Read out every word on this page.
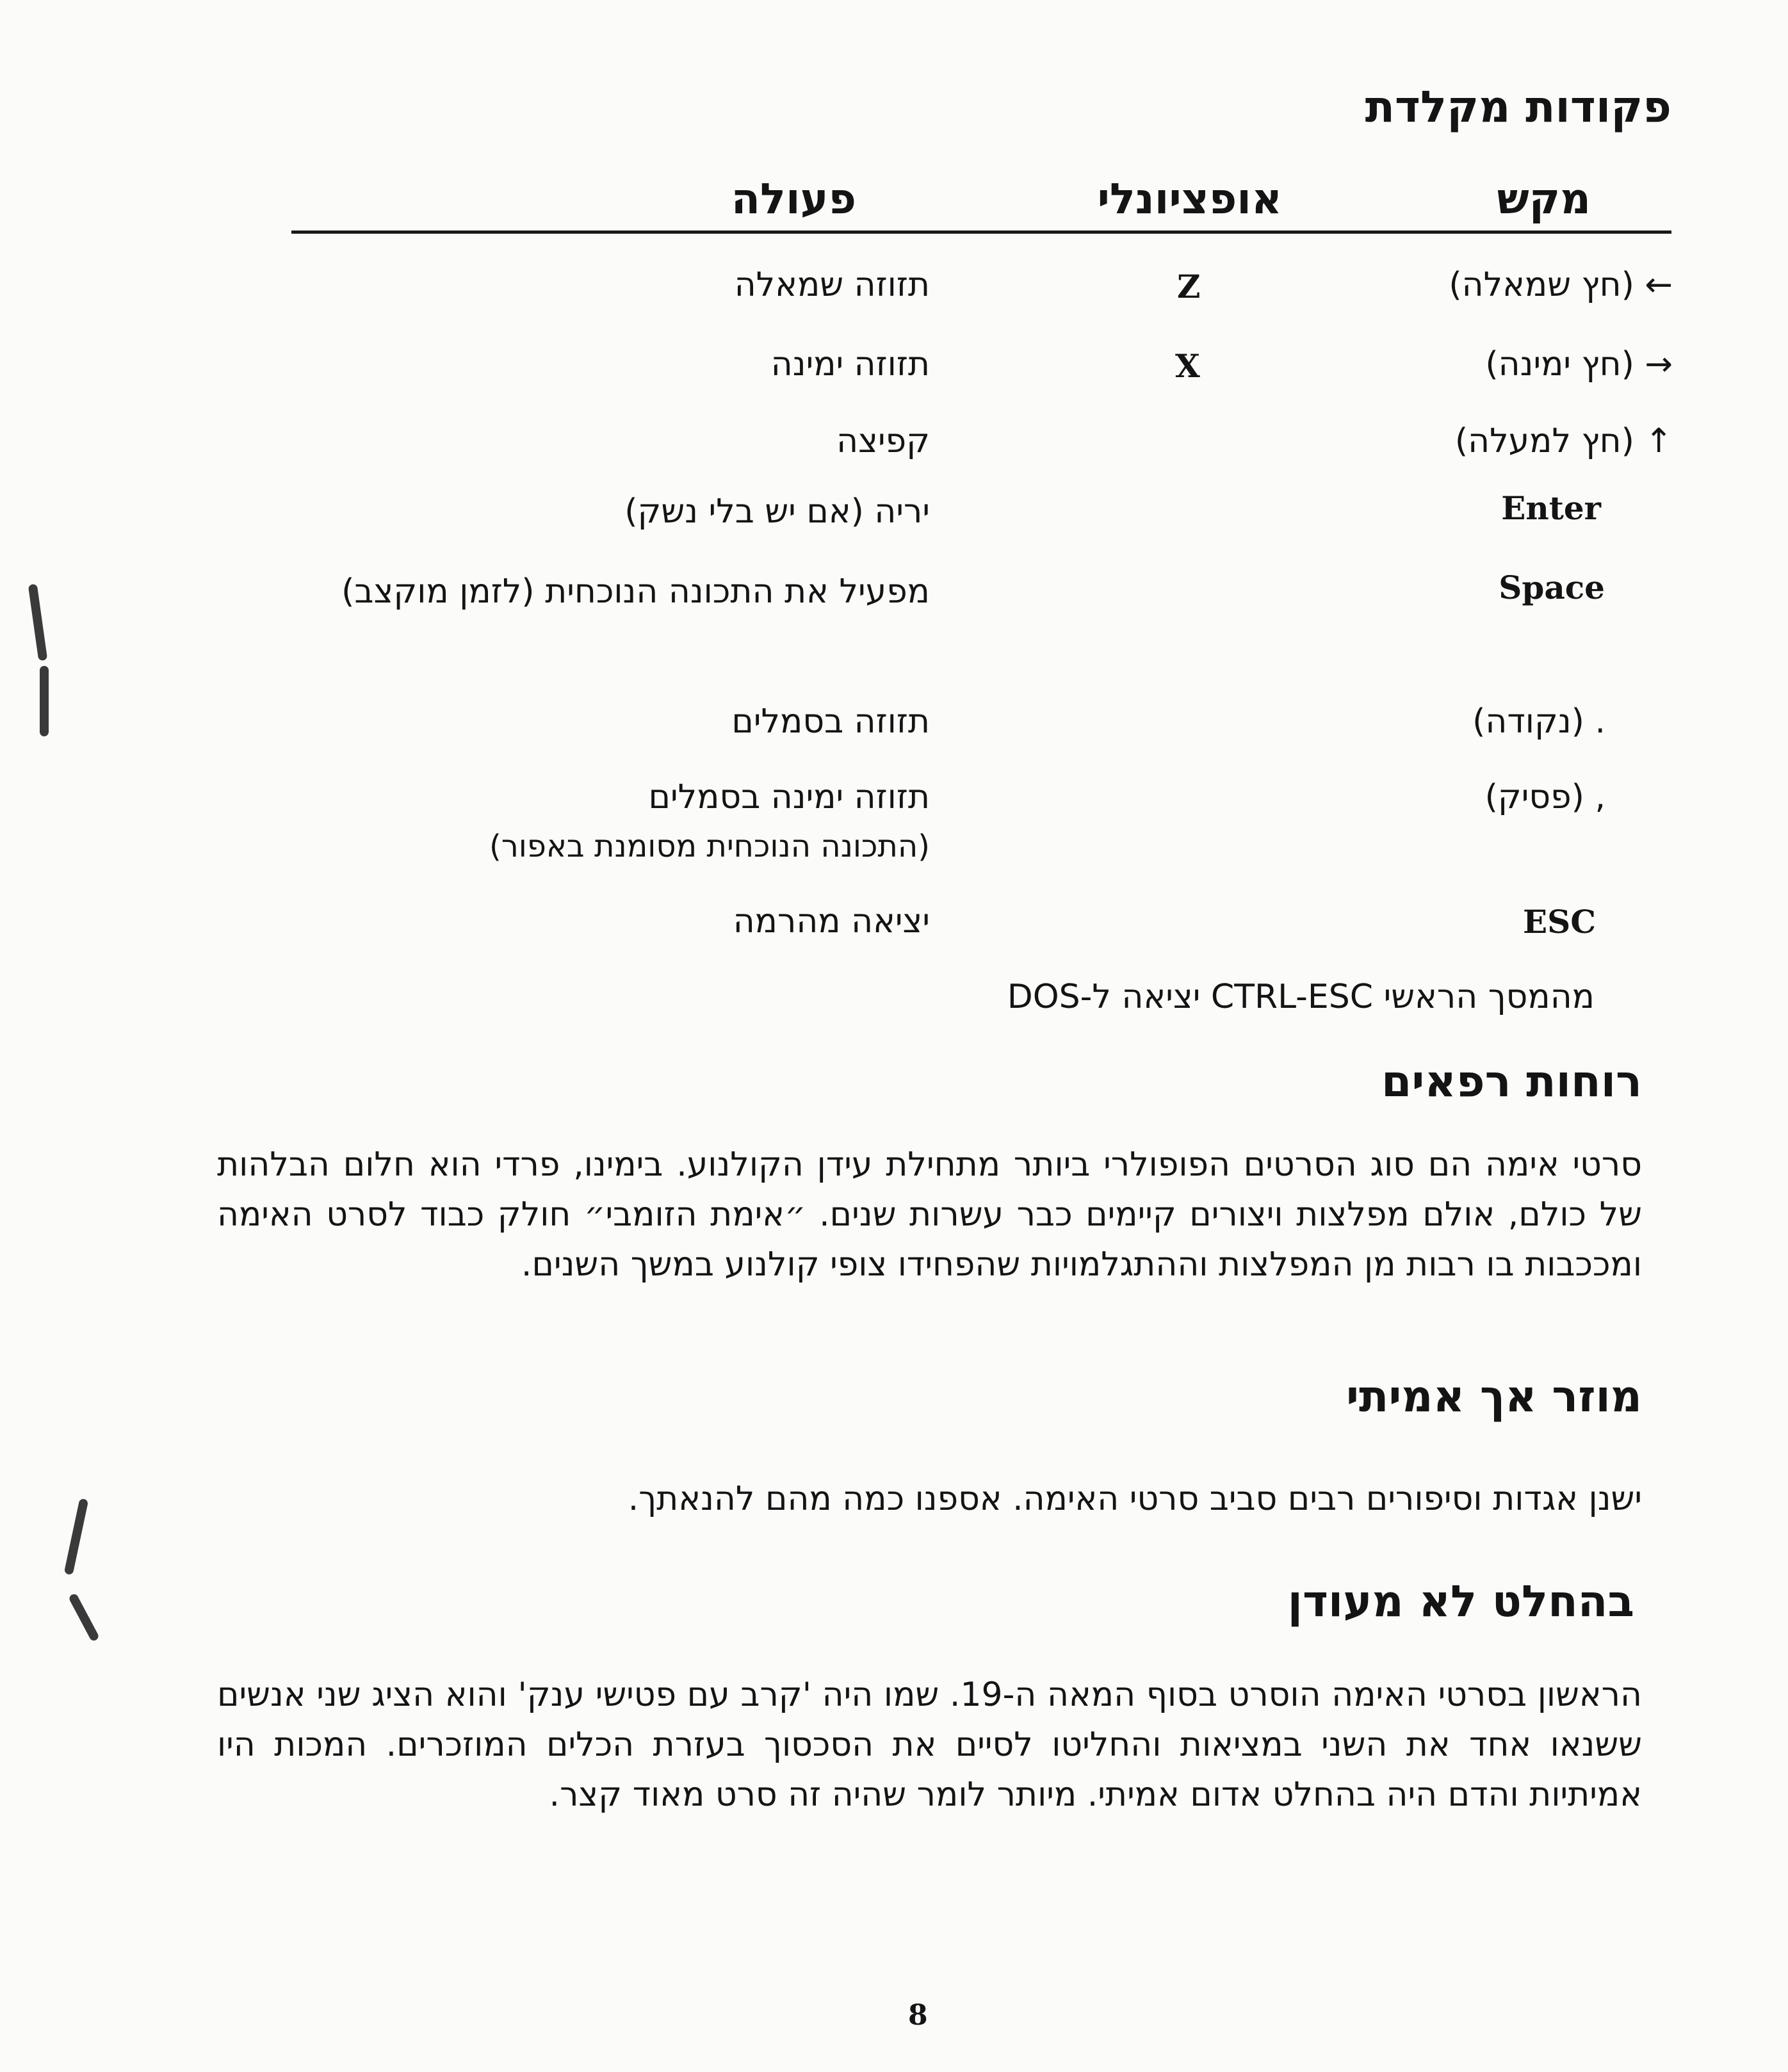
פקודות מקלדת
מקש
אופציונלי
פעולה
← (חץ שמאלה)
Z
תזוזה שמאלה
→ (חץ ימינה)
X
תזוזה ימינה
↑ (חץ למעלה)
קפיצה
Enter
יריה (אם יש בלי נשק)
Space
מפעיל את התכונה הנוכחית (לזמן מוקצב)
. (נקודה)
תזוזה בסמלים
, (פסיק)
תזוזה ימינה בסמלים
(התכונה הנוכחית מסומנת באפור)
ESC
יציאה מהרמה
מהמסך הראשי CTRL-ESC יציאה ל-DOS
רוחות רפאים
סרטי אימה הם סוג הסרטים הפופולרי ביותר מתחילת עידן הקולנוע. בימינו, פרדי הוא חלום הבלהות של כולם, אולם מפלצות ויצורים קיימים כבר עשרות שנים. ״אימת הזומבי״ חולק כבוד לסרט האימה ומככבות בו רבות מן המפלצות וההתגלמויות שהפחידו צופי קולנוע במשך השנים.
מוזר אך אמיתי
ישנן אגדות וסיפורים רבים סביב סרטי האימה. אספנו כמה מהם להנאתך.
בהחלט לא מעודן
הראשון בסרטי האימה הוסרט בסוף המאה ה-19. שמו היה 'קרב עם פטישי ענק' והוא הציג שני אנשים ששנאו אחד את השני במציאות והחליטו לסיים את הסכסוך בעזרת הכלים המוזכרים. המכות היו אמיתיות והדם היה בהחלט אדום אמיתי. מיותר לומר שהיה זה סרט מאוד קצר.
8
